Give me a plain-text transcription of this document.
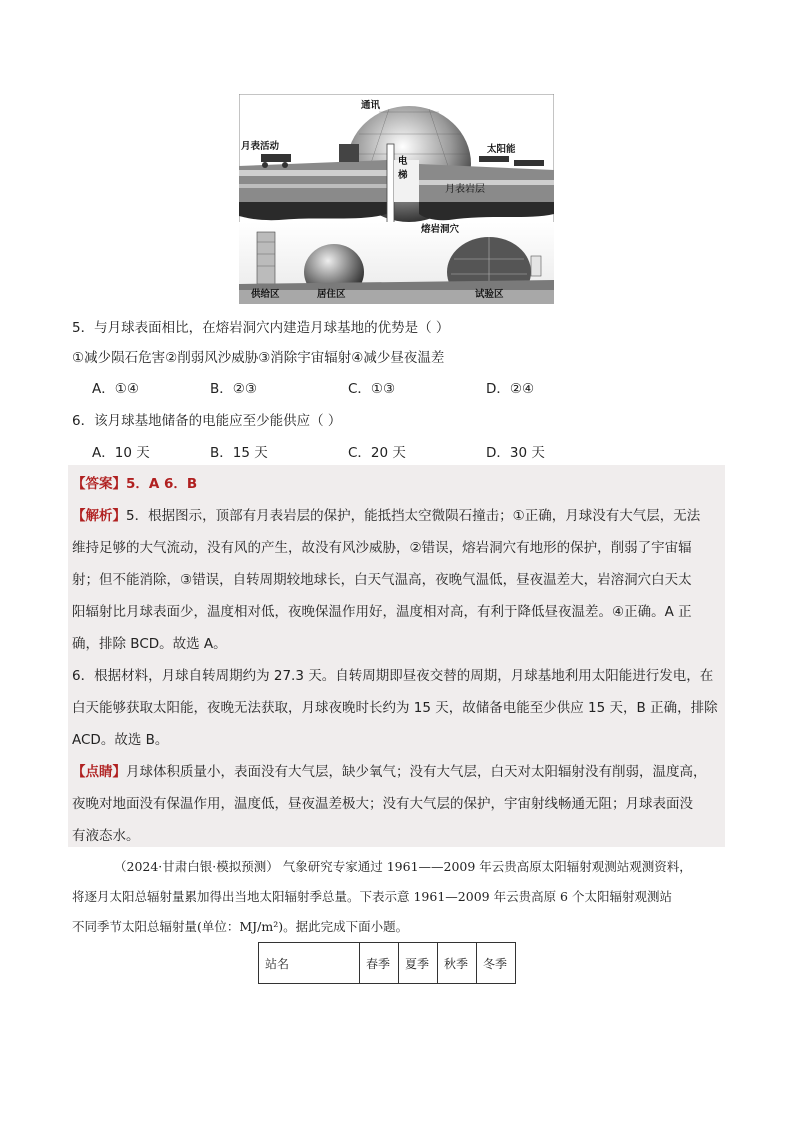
通讯
月表活动	太阳能
电
梯
月表岩层
熔岩洞穴
供给区	居住区	试验区
5．与月球表面相比，在熔岩洞穴内建造月球基地的优势是（ ）
①减少陨石危害②削弱风沙威胁③消除宇宙辐射④减少昼夜温差
A．①④	B．②③	C．①③	D．②④
6．该月球基地储备的电能应至少能供应（ ）
A．10 天	B．15 天	C．20 天	D．30 天
【答案】5．A 6．B
【解析】5．根据图示，顶部有月表岩层的保护，能抵挡太空微陨石撞击；①正确，月球没有大气层，无法
维持足够的大气流动，没有风的产生，故没有风沙威胁，②错误，熔岩洞穴有地形的保护，削弱了宇宙辐
射；但不能消除，③错误，自转周期较地球长，白天气温高，夜晚气温低，昼夜温差大，岩溶洞穴白天太
阳辐射比月球表面少，温度相对低，夜晚保温作用好，温度相对高，有利于降低昼夜温差。④正确。A 正
确，排除 BCD。故选 A。
6．根据材料，月球自转周期约为 27.3 天。自转周期即昼夜交替的周期，月球基地利用太阳能进行发电，在
白天能够获取太阳能，夜晚无法获取，月球夜晚时长约为 15 天，故储备电能至少供应 15 天，B 正确，排除
ACD。故选 B。
【点睛】月球体积质量小，表面没有大气层，缺少氧气；没有大气层，白天对太阳辐射没有削弱，温度高，
夜晚对地面没有保温作用，温度低，昼夜温差极大；没有大气层的保护，宇宙射线畅通无阻；月球表面没
有液态水。
（2024·甘肃白银·模拟预测） 气象研究专家通过 1961——2009 年云贵高原太阳辐射观测站观测资料，
将逐月太阳总辐射量累加得出当地太阳辐射季总量。下表示意 1961—2009 年云贵高原 6 个太阳辐射观测站
不同季节太阳总辐射量(单位：MJ/m²)。据此完成下面小题。
站名	春季	夏季	秋季	冬季
